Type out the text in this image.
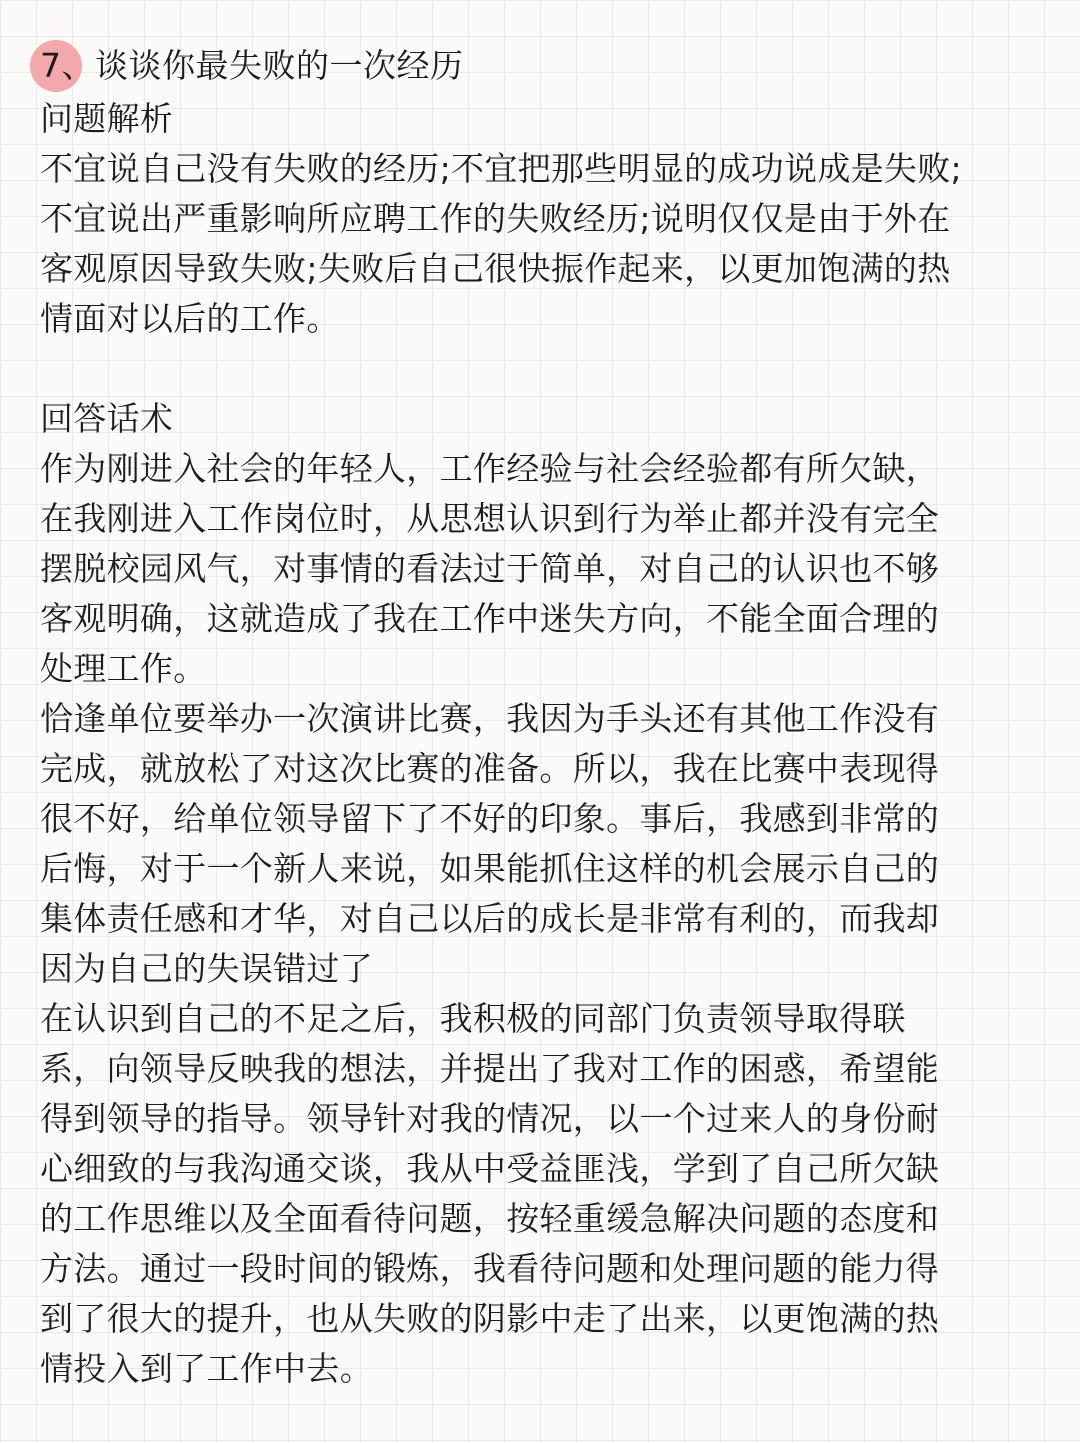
7、谈谈你最失败的一次经历
问题解析
不宜说自己没有失败的经历;不宜把那些明显的成功说成是失败;
不宜说出严重影响所应聘工作的失败经历;说明仅仅是由于外在
客观原因导致失败;失败后自己很快振作起来，以更加饱满的热
情面对以后的工作。
回答话术
作为刚进入社会的年轻人，工作经验与社会经验都有所欠缺，
在我刚进入工作岗位时，从思想认识到行为举止都并没有完全
摆脱校园风气，对事情的看法过于简单，对自己的认识也不够
客观明确，这就造成了我在工作中迷失方向，不能全面合理的
处理工作。
恰逢单位要举办一次演讲比赛，我因为手头还有其他工作没有
完成，就放松了对这次比赛的准备。所以，我在比赛中表现得
很不好，给单位领导留下了不好的印象。事后，我感到非常的
后悔，对于一个新人来说，如果能抓住这样的机会展示自己的
集体责任感和才华，对自己以后的成长是非常有利的，而我却
因为自己的失误错过了
在认识到自己的不足之后，我积极的同部门负责领导取得联
系，向领导反映我的想法，并提出了我对工作的困惑，希望能
得到领导的指导。领导针对我的情况，以一个过来人的身份耐
心细致的与我沟通交谈，我从中受益匪浅，学到了自己所欠缺
的工作思维以及全面看待问题，按轻重缓急解决问题的态度和
方法。通过一段时间的锻炼，我看待问题和处理问题的能力得
到了很大的提升，也从失败的阴影中走了出来，以更饱满的热
情投入到了工作中去。
